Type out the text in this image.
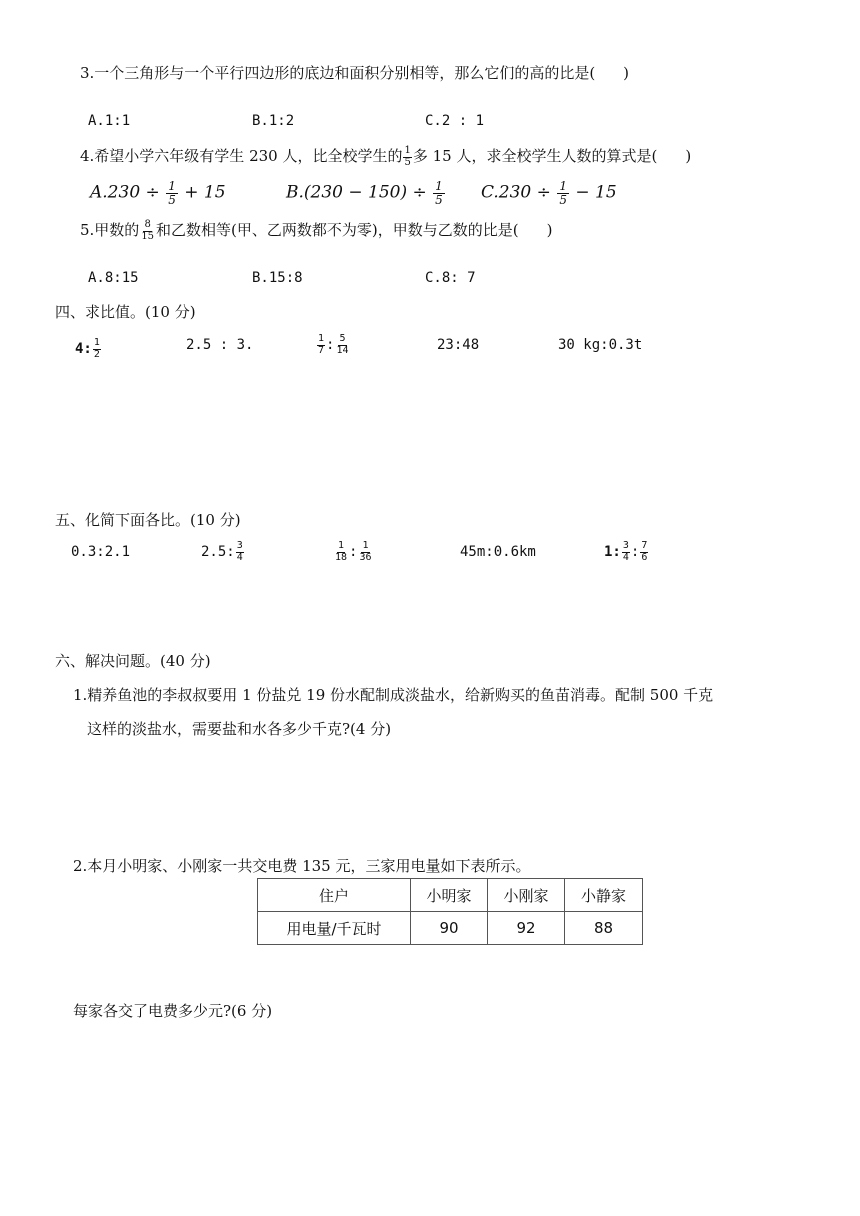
3.一个三角形与一个平行四边形的底边和面积分别相等，那么它们的高的比是( )
A.1:1	B.1:2	C.2 : 1
4.希望小学六年级有学生 230 人，比全校学生的 $\frac{1}{5}$ 多 15 人，求全校学生人数的算式是( )
$A.230 \div \frac{1}{5} + 15$	$B.(230 - 150) \div \frac{1}{5} C.230 \div \frac{1}{5} - 15$
5.甲数的 $\frac{8}{15}$ 和乙数相等(甲、乙两数都不为零)，甲数与乙数的比是( )
A.8:15	B.15:8	C.8: 7
四、求比值。(10 分)
4: $\frac{1}{2}$	2.5 : 3.	$\frac{1}{7}$ : $\frac{5}{14}$	23:48	30 kg:0.3t
五、化简下面各比。(10 分)
0.3:2.1	2.5: $\frac{3}{4}$	$\frac{1}{18}$ : $\frac{1}{36}$	45m:0.6km	1: $\frac{3}{4}$ : $\frac{7}{6}$
六、解决问题。(40 分)
1.精养鱼池的李叔叔要用 1 份盐兑 19 份水配制成淡盐水，给新购买的鱼苗消毒。配制 500 千克
这样的淡盐水，需要盐和水各多少千克?(4 分)
2.本月小明家、小刚家一共交电费 135 元，三家用电量如下表所示。
住户	小明家	小刚家	小静家
用电量/千瓦时	90	92	88
每家各交了电费多少元?(6 分)
